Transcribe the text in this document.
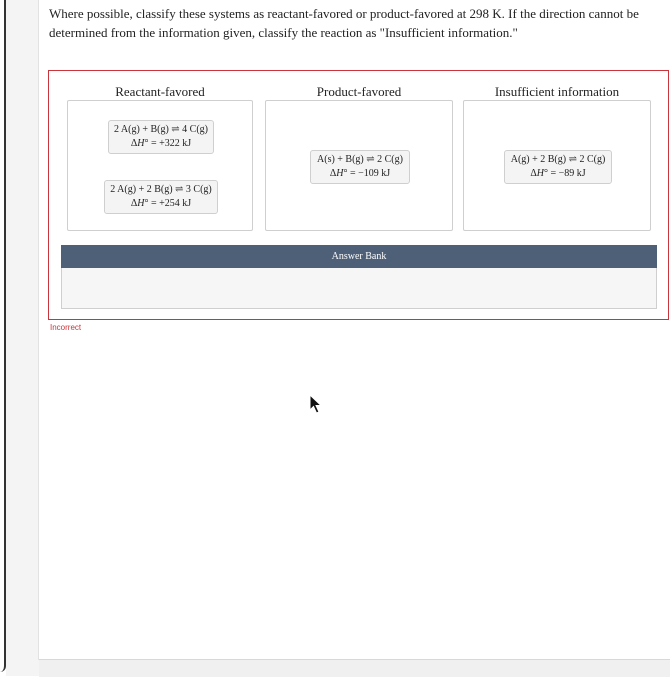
Where possible, classify these systems as reactant-favored or product-favored at 298 K. If the direction cannot be determined from the information given, classify the reaction as "Insufficient information."
Reactant-favored
2 A(g) + B(g) ⇌ 4 C(g)
ΔH° = +322 kJ
2 A(g) + 2 B(g) ⇌ 3 C(g)
ΔH° = +254 kJ
Product-favored
A(s) + B(g) ⇌ 2 C(g)
ΔH° = −109 kJ
Insufficient information
A(g) + 2 B(g) ⇌ 2 C(g)
ΔH° = −89 kJ
Answer Bank
Incorrect
